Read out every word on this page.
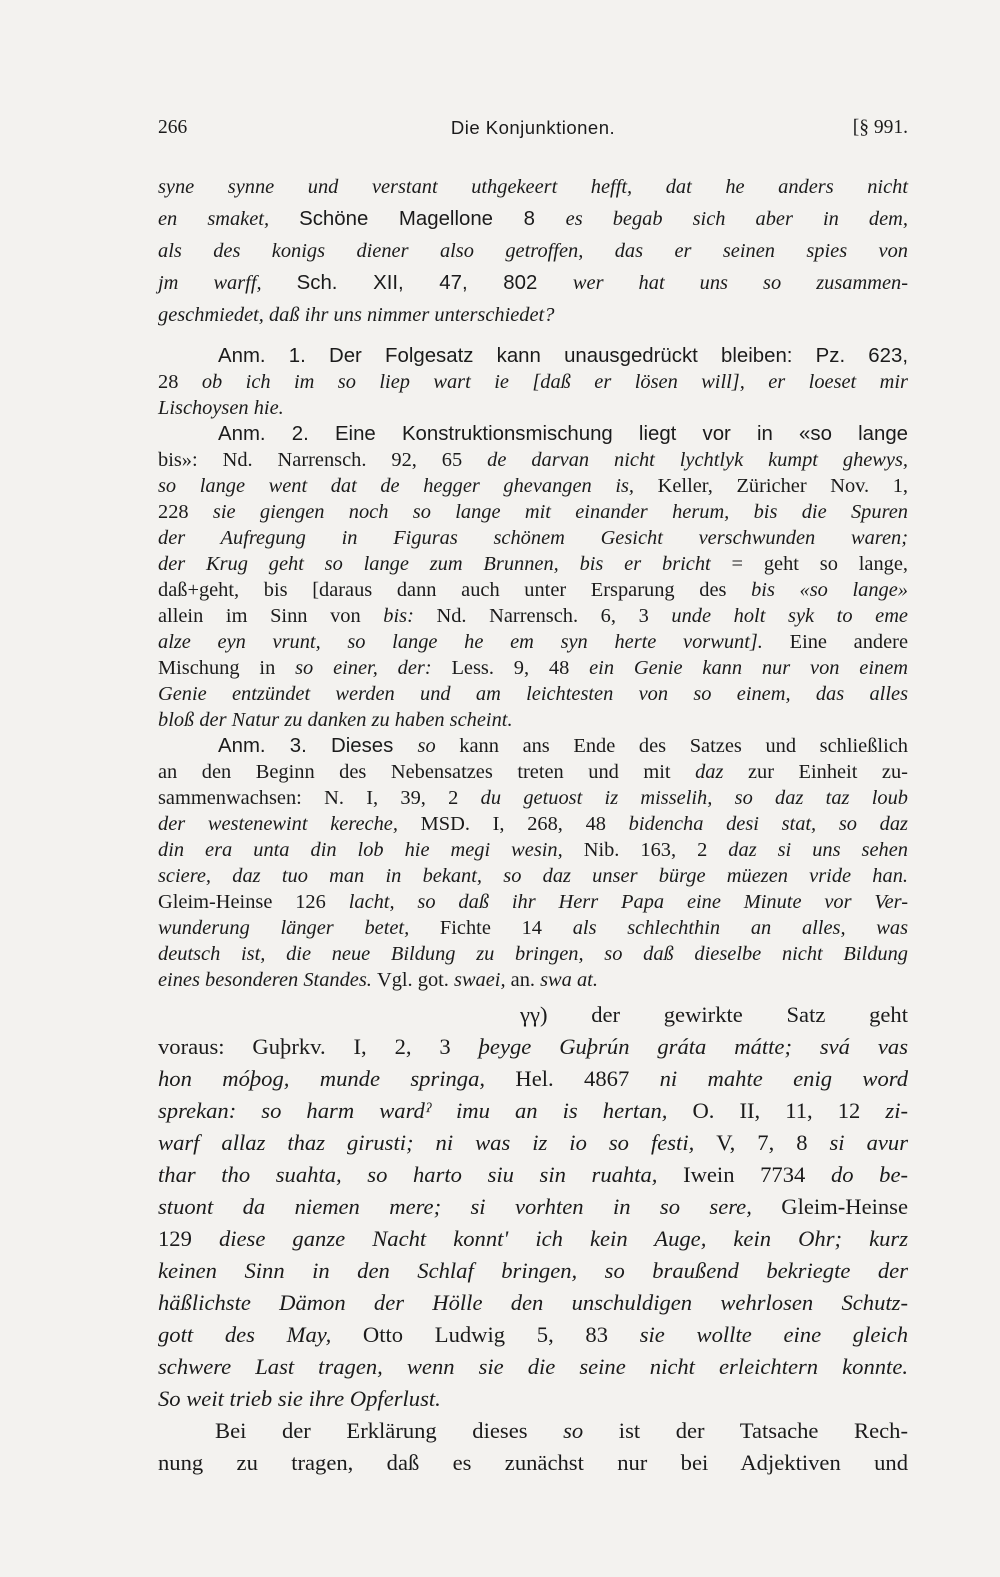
266	Die Konjunktionen.	[§ 991.
syne synne und verstant uthgekeert hefft, dat he anders nicht
en smaket, Schöne Magellone 8 es begab sich aber in dem,
als des konigs diener also getroffen, das er seinen spies von
jm warff, Sch. XII, 47, 802 wer hat uns so zusammen-
geschmiedet, daß ihr uns nimmer unterschiedet?
Anm. 1. Der Folgesatz kann unausgedrückt bleiben: Pz. 623,
28 ob ich im so liep wart ie [daß er lösen will], er loeset mir
Lischoysen hie.
Anm. 2. Eine Konstruktionsmischung liegt vor in «so lange
bis»: Nd. Narrensch. 92, 65 de darvan nicht lychtlyk kumpt ghewys,
so lange went dat de hegger ghevangen is, Keller, Züricher Nov. 1,
228 sie giengen noch so lange mit einander herum, bis die Spuren
der Aufregung in Figuras schönem Gesicht verschwunden waren;
der Krug geht so lange zum Brunnen, bis er bricht = geht so lange,
daß+geht, bis [daraus dann auch unter Ersparung des bis «so lange»
allein im Sinn von bis: Nd. Narrensch. 6, 3 unde holt syk to eme
alze eyn vrunt, so lange he em syn herte vorwunt]. Eine andere
Mischung in so einer, der: Less. 9, 48 ein Genie kann nur von einem
Genie entzündet werden und am leichtesten von so einem, das alles
bloß der Natur zu danken zu haben scheint.
Anm. 3. Dieses so kann ans Ende des Satzes und schließlich
an den Beginn des Nebensatzes treten und mit daz zur Einheit zu-
sammenwachsen: N. I, 39, 2 du getuost iz misselih, so daz taz loub
der westenewint kereche, MSD. I, 268, 48 bidencha desi stat, so daz
din era unta din lob hie megi wesin, Nib. 163, 2 daz si uns sehen
sciere, daz tuo man in bekant, so daz unser bürge müezen vride han.
Gleim-Heinse 126 lacht, so daß ihr Herr Papa eine Minute vor Ver-
wunderung länger betet, Fichte 14 als schlechthin an alles, was
deutsch ist, die neue Bildung zu bringen, so daß dieselbe nicht Bildung
eines besonderen Standes. Vgl. got. swaei, an. swa at.
γγ) der gewirkte Satz geht
voraus: Guþrkv. I, 2, 3 þeyge Guþrún gráta mátte; svá vas
hon móþog, munde springa, Hel. 4867 ni mahte enig word
sprekan: so harm wardˀ imu an is hertan, O. II, 11, 12 zi-
warf allaz thaz girusti; ni was iz io so festi, V, 7, 8 si avur
thar tho suahta, so harto siu sin ruahta, Iwein 7734 do be-
stuont da niemen mere; si vorhten in so sere, Gleim-Heinse
129 diese ganze Nacht konnt' ich kein Auge, kein Ohr; kurz
keinen Sinn in den Schlaf bringen, so braußend bekriegte der
häßlichste Dämon der Hölle den unschuldigen wehrlosen Schutz-
gott des May, Otto Ludwig 5, 83 sie wollte eine gleich
schwere Last tragen, wenn sie die seine nicht erleichtern konnte.
So weit trieb sie ihre Opferlust.
Bei der Erklärung dieses so ist der Tatsache Rech-
nung zu tragen, daß es zunächst nur bei Adjektiven und
